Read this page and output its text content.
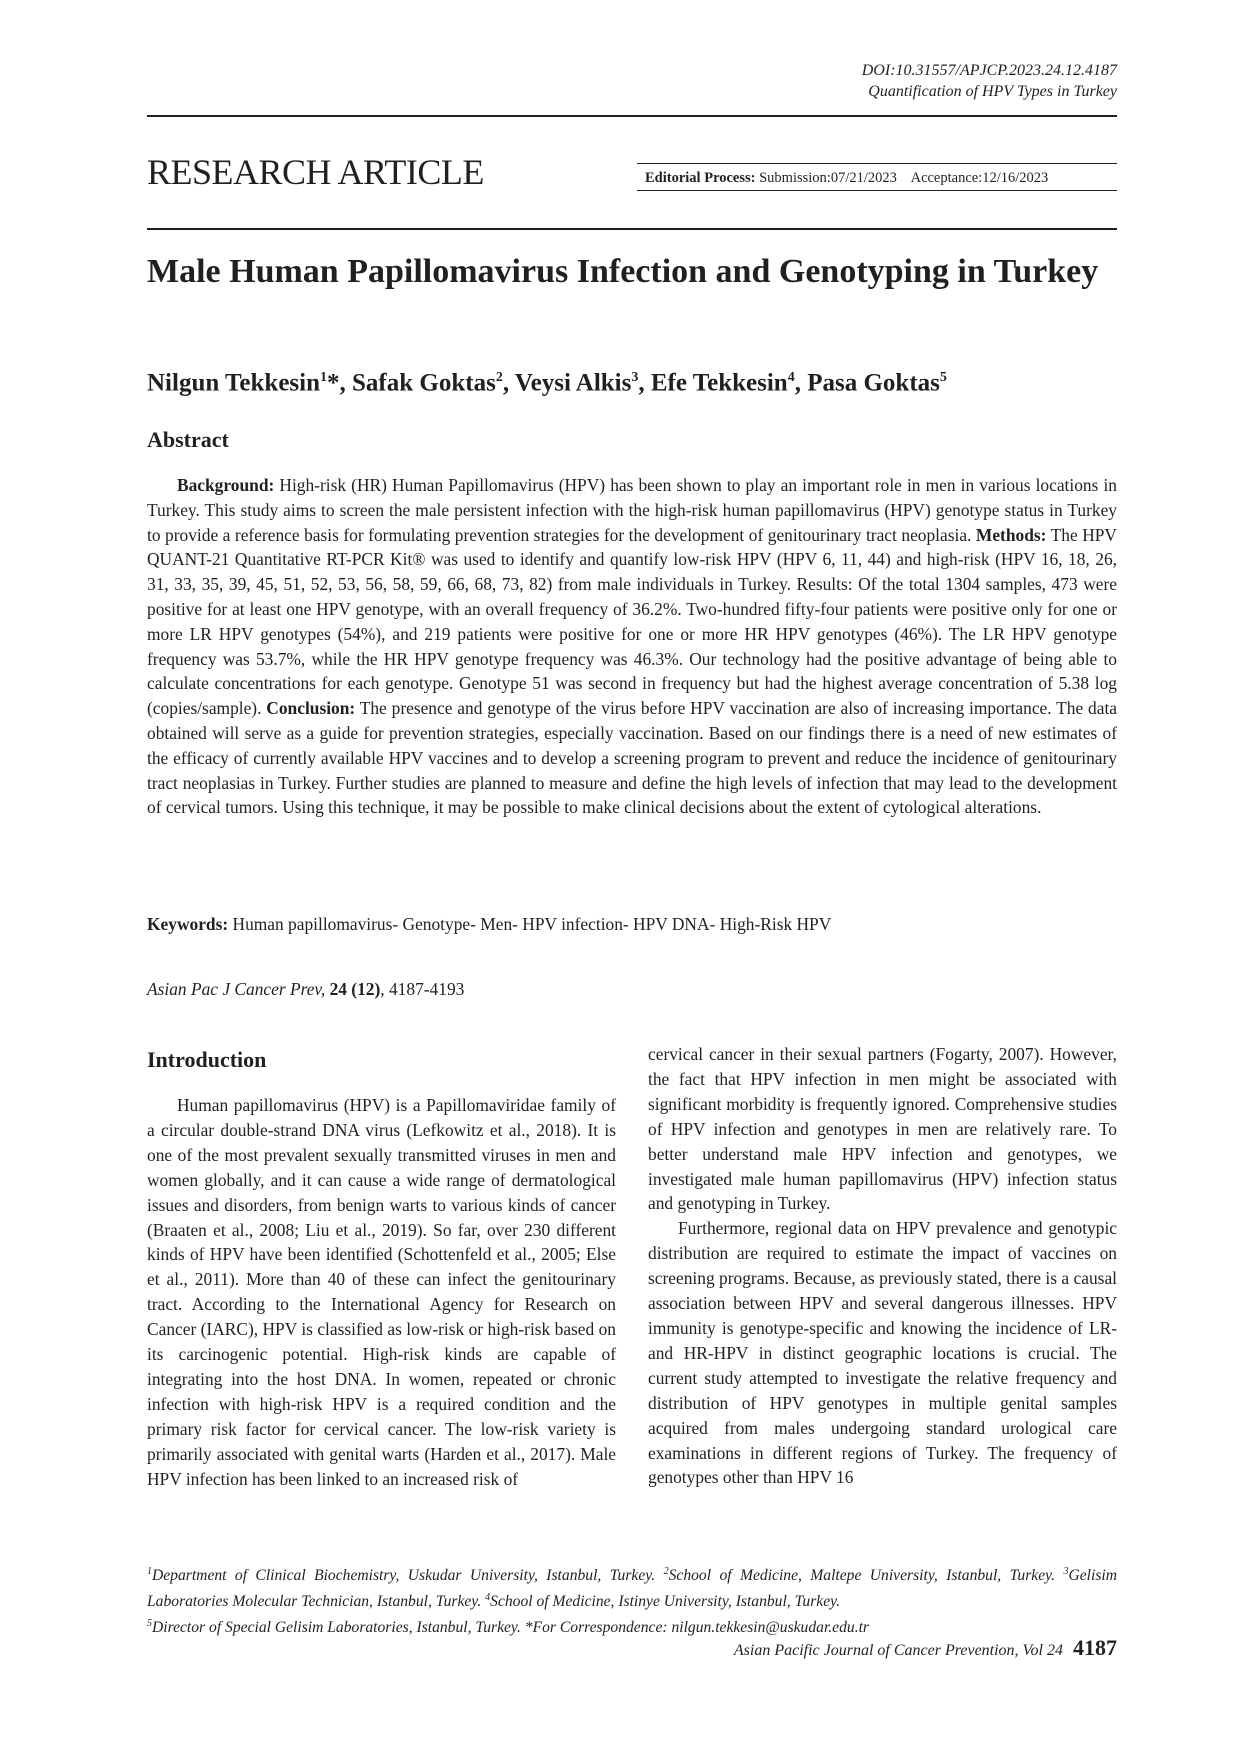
DOI:10.31557/APJCP.2023.24.12.4187
Quantification of HPV Types in Turkey
RESEARCH ARTICLE	Editorial Process: Submission:07/21/2023 Acceptance:12/16/2023
Male Human Papillomavirus Infection and Genotyping in Turkey
Nilgun Tekkesin$^1$*, Safak Goktas$^2$, Veysi Alkis$^3$, Efe Tekkesin$^4$, Pasa Goktas$^5$
Abstract

Background: High-risk (HR) Human Papillomavirus (HPV) has been shown to play an important role in men in various locations in Turkey. This study aims to screen the male persistent infection with the high-risk human papillomavirus (HPV) genotype status in Turkey to provide a reference basis for formulating prevention strategies for the development of genitourinary tract neoplasia. Methods: The HPV QUANT-21 Quantitative RT-PCR Kit® was used to identify and quantify low-risk HPV (HPV 6, 11, 44) and high-risk (HPV 16, 18, 26, 31, 33, 35, 39, 45, 51, 52, 53, 56, 58, 59, 66, 68, 73, 82) from male individuals in Turkey. Results: Of the total 1304 samples, 473 were positive for at least one HPV genotype, with an overall frequency of 36.2%. Two-hundred fifty-four patients were positive only for one or more LR HPV genotypes (54%), and 219 patients were positive for one or more HR HPV genotypes (46%). The LR HPV genotype frequency was 53.7%, while the HR HPV genotype frequency was 46.3%. Our technology had the positive advantage of being able to calculate concentrations for each genotype. Genotype 51 was second in frequency but had the highest average concentration of 5.38 log (copies/sample). Conclusion: The presence and genotype of the virus before HPV vaccination are also of increasing importance. The data obtained will serve as a guide for prevention strategies, especially vaccination. Based on our findings there is a need of new estimates of the efficacy of currently available HPV vaccines and to develop a screening program to prevent and reduce the incidence of genitourinary tract neoplasias in Turkey. Further studies are planned to measure and define the high levels of infection that may lead to the development of cervical tumors. Using this technique, it may be possible to make clinical decisions about the extent of cytological alterations.

Keywords: Human papillomavirus- Genotype- Men- HPV infection- HPV DNA- High-Risk HPV
Asian Pac J Cancer Prev, 24 (12), 4187-4193
Introduction

Human papillomavirus (HPV) is a Papillomaviridae family of a circular double-strand DNA virus (Lefkowitz et al., 2018). It is one of the most prevalent sexually transmitted viruses in men and women globally, and it can cause a wide range of dermatological issues and disorders, from benign warts to various kinds of cancer (Braaten et al., 2008; Liu et al., 2019). So far, over 230 different kinds of HPV have been identified (Schottenfeld et al., 2005; Else et al., 2011). More than 40 of these can infect the genitourinary tract. According to the International Agency for Research on Cancer (IARC), HPV is classified as low-risk or high-risk based on its carcinogenic potential. High-risk kinds are capable of integrating into the host DNA. In women, repeated or chronic infection with high-risk HPV is a required condition and the primary risk factor for cervical cancer. The low-risk variety is primarily associated with genital warts (Harden et al., 2017). Male HPV infection has been linked to an increased risk of

cervical cancer in their sexual partners (Fogarty, 2007). However, the fact that HPV infection in men might be associated with significant morbidity is frequently ignored. Comprehensive studies of HPV infection and genotypes in men are relatively rare. To better understand male HPV infection and genotypes, we investigated male human papillomavirus (HPV) infection status and genotyping in Turkey.

Furthermore, regional data on HPV prevalence and genotypic distribution are required to estimate the impact of vaccines on screening programs. Because, as previously stated, there is a causal association between HPV and several dangerous illnesses. HPV immunity is genotype-specific and knowing the incidence of LR- and HR-HPV in distinct geographic locations is crucial. The current study attempted to investigate the relative frequency and distribution of HPV genotypes in multiple genital samples acquired from males undergoing standard urological care examinations in different regions of Turkey. The frequency of genotypes other than HPV 16

$^1$Department of Clinical Biochemistry, Uskudar University, Istanbul, Turkey. $^2$School of Medicine, Maltepe University, Istanbul, Turkey. $^3$Gelisim Laboratories Molecular Technician, Istanbul, Turkey. $^4$School of Medicine, Istinye University, Istanbul, Turkey.
$^5$Director of Special Gelisim Laboratories, Istanbul, Turkey. *For Correspondence: nilgun.tekkesin@uskudar.edu.tr
Asian Pacific Journal of Cancer Prevention, Vol 24 4187
